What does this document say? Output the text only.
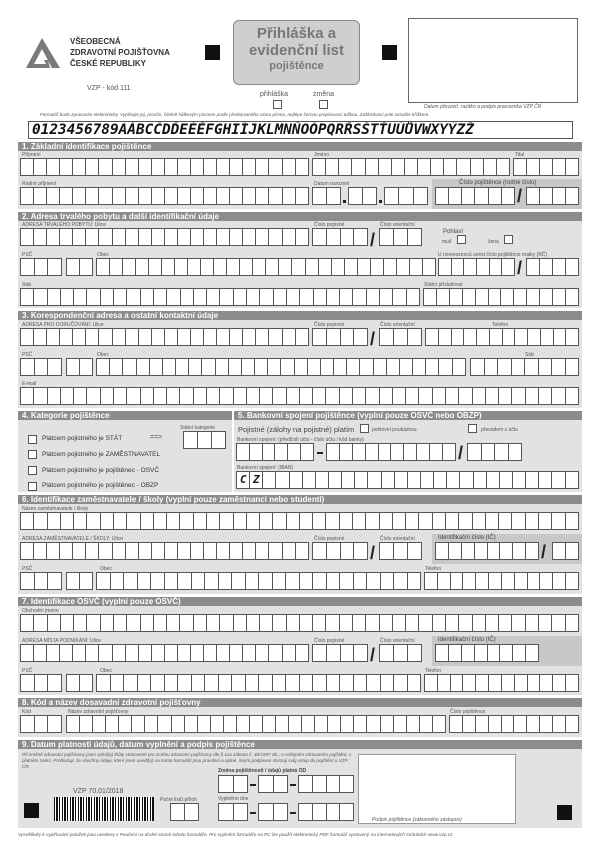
VŠEOBECNÁ
ZDRAVOTNÍ POJIŠŤOVNA
ČESKÉ REPUBLIKY
VZP - kód 111
Přihláška a
evidenční list
pojištěnce
přihláška	změna
Datum převzetí, razítko a podpis pracovníka VZP ČR
Formulář bude zpracován elektronicky. Vyplňujte jej, prosím, čitelně hůlkovým písmem podle předepsaného vzoru písma, nejlépe černou propisovací tužkou. Zaškrtávací pole označte křížkem.
0123456789AÁBCČDĎEÉĚFGHIÍJKLMNŇOÓPQRŘSŠTŤUÚŮVWXYÝZŽ
1. Základní identifikace pojištěnce
Příjmení	Jméno	Titul
Rodné příjmení	Datum narození	Číslo pojištěnce (rodné číslo)
/
2. Adresa trvalého pobytu a další identifikační údaje
ADRESA TRVALÉHO POBYTU: Ulice	Číslo popisné
/
Číslo orientační
Pohlaví
muž	žena
PSČ	Obec	U novorozenců uvést číslo pojištěnce matky (RČ)
/
Stát	Státní příslušnost
3. Korespondenční adresa a ostatní kontaktní údaje
ADRESA PRO DORUČOVÁNÍ: Ulice	Číslo popisné
/
Číslo orientační	Telefon
PSČ	Obec	Stát
E-mail
4. Kategorie pojištěnce
Státní kategorie
Plátcem pojistného je STÁT	==>
Plátcem pojistného je ZAMĚSTNAVATEL
Plátcem pojistného je pojištěnec - OSVČ
Plátcem pojistného je pojištěnec - OBZP
5. Bankovní spojení pojištěnce (vyplní pouze OSVČ nebo OBZP)
Pojistné (zálohy na pojistné) platím	poštovní poukázkou	převodem z účtu
Bankovní spojení: (předčíslí účtu - číslo účtu / kód banky)
/
Bankovní spojení: (IBAN)
C Z
6. Identifikace zaměstnavatele / školy (vyplní pouze zaměstnanci nebo studenti)
Název zaměstnavatele / školy
ADRESA ZAMĚSTNAVATELE / ŠKOLY: Ulice	Číslo popisné
/
Číslo orientační	Identifikační číslo (IČ)
/
PSČ	Obec	Telefon
7. Identifikace OSVČ (vyplní pouze OSVČ)
Obchodní jméno
ADRESA MÍSTA PODNIKÁNÍ: Ulice	Číslo popisné
/
Číslo orientační	Identifikační číslo (IČ)
PSČ	Obec	Telefon
8. Kód a název dosavadní zdravotní pojišťovny
Kód	Název zdravotní pojišťovny	Číslo pojištěnce
9. Datum platnosti údajů, datum vyplnění a podpis pojištěnce
Při změně zdravotní pojišťovny jsem splnil(a) lhůty stanovené pro změnu zdravotní pojišťovny dle § 11a zákona č. 48/1997 Sb., o veřejném zdravotním pojištění, v platném znění. Prohlašuji, že všechny údaje, které jsem uvedl(a) na tomto formuláři jsou pravdivé a úplné. Svým podpisem stvrzuji svůj vstup do pojištění u VZP ČR.
Změna pojištěnosti / údajů platná OD
Vyplněno dne
Počet listů příloh
VZP 70.01/2018
Podpis pojištěnce (zákonného zástupce)
Vysvětlivky k vyplňování položek jsou uvedeny v Poučení na druhé straně tohoto formuláře. Pro vyplnění formuláře na PC lze použít elektronický PDF formulář vystavený na internetových stránkách www.vzp.cz
